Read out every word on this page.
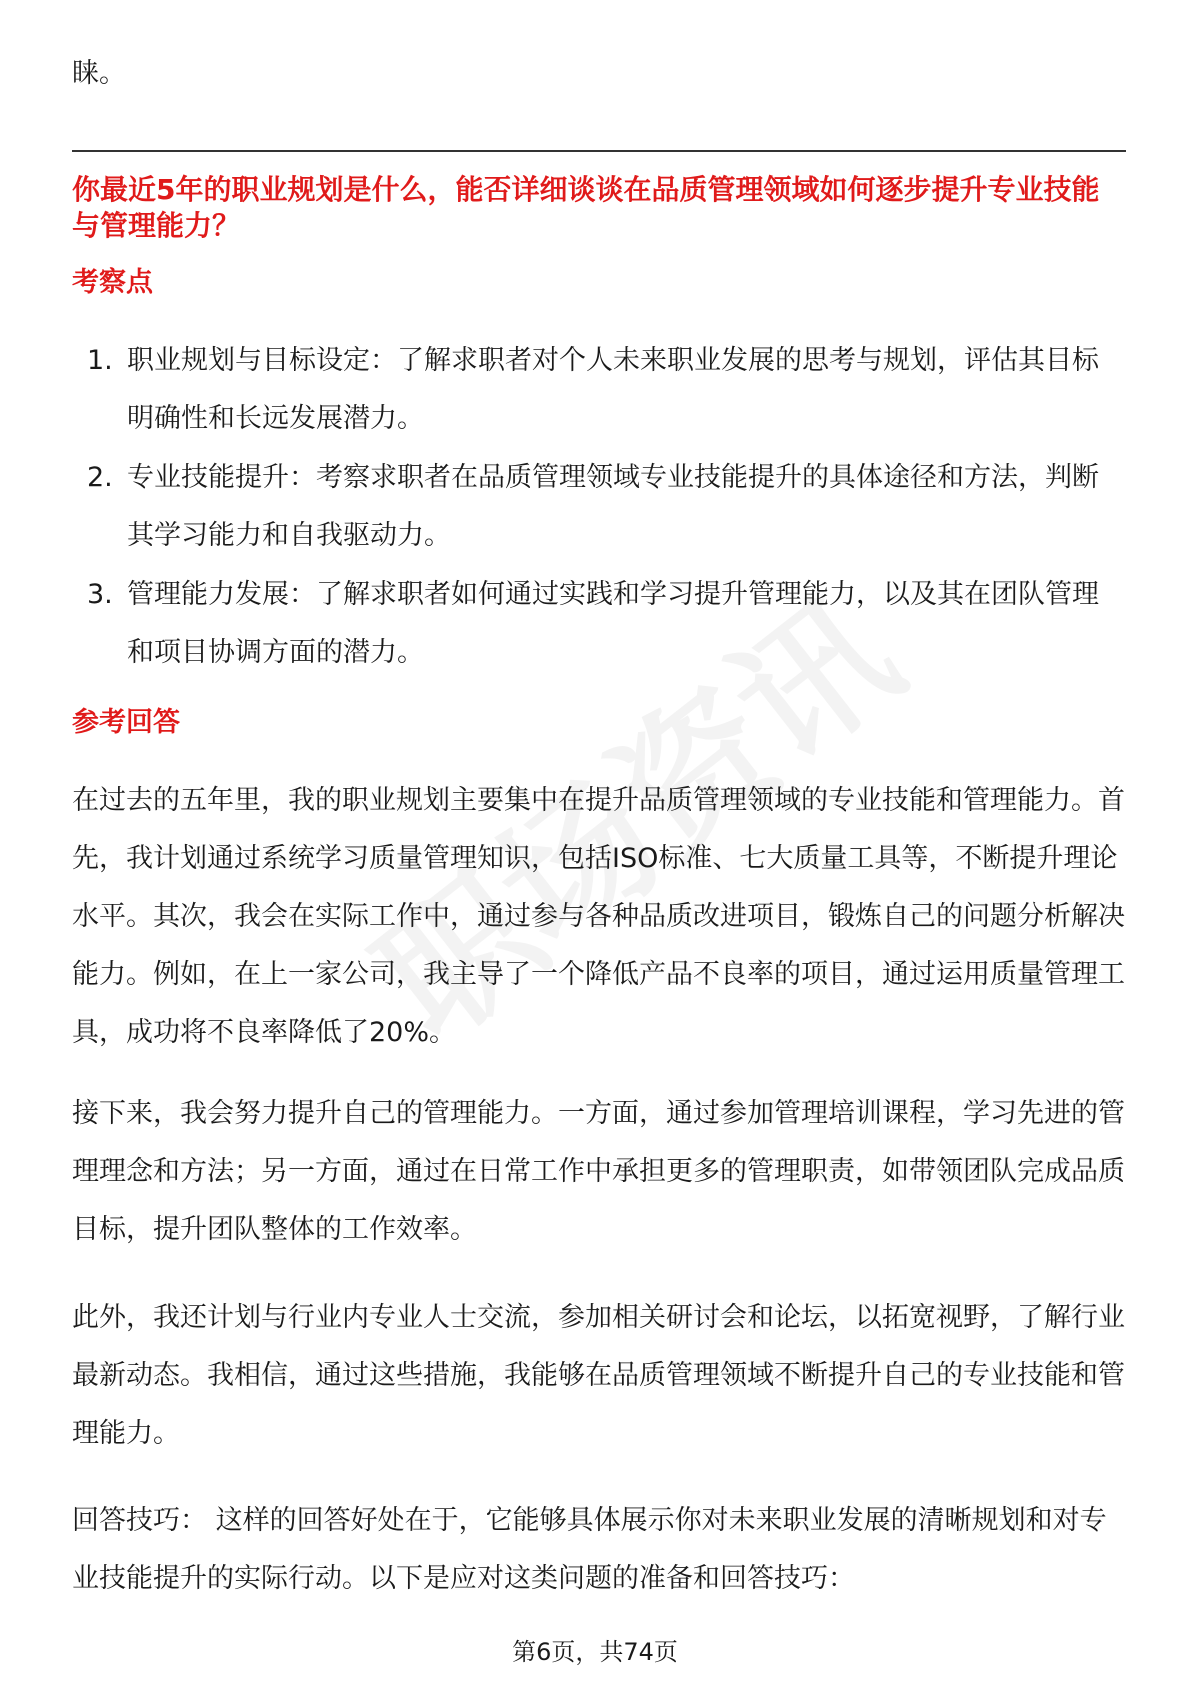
睐。
你最近5年的职业规划是什么，能否详细谈谈在品质管理领域如何逐步提升专业技能与管理能力？
考察点
1. 职业规划与目标设定：了解求职者对个人未来职业发展的思考与规划，评估其目标明确性和长远发展潜力。
2. 专业技能提升：考察求职者在品质管理领域专业技能提升的具体途径和方法，判断其学习能力和自我驱动力。
3. 管理能力发展：了解求职者如何通过实践和学习提升管理能力，以及其在团队管理和项目协调方面的潜力。
参考回答
在过去的五年里，我的职业规划主要集中在提升品质管理领域的专业技能和管理能力。首先，我计划通过系统学习质量管理知识，包括ISO标准、七大质量工具等，不断提升理论水平。其次，我会在实际工作中，通过参与各种品质改进项目，锻炼自己的问题分析解决能力。例如，在上一家公司，我主导了一个降低产品不良率的项目，通过运用质量管理工具，成功将不良率降低了20%。
接下来，我会努力提升自己的管理能力。一方面，通过参加管理培训课程，学习先进的管理理念和方法；另一方面，通过在日常工作中承担更多的管理职责，如带领团队完成品质目标，提升团队整体的工作效率。
此外，我还计划与行业内专业人士交流，参加相关研讨会和论坛，以拓宽视野，了解行业最新动态。我相信，通过这些措施，我能够在品质管理领域不断提升自己的专业技能和管理能力。
回答技巧： 这样的回答好处在于，它能够具体展示你对未来职业发展的清晰规划和对专业技能提升的实际行动。以下是应对这类问题的准备和回答技巧：
第6页，共74页
